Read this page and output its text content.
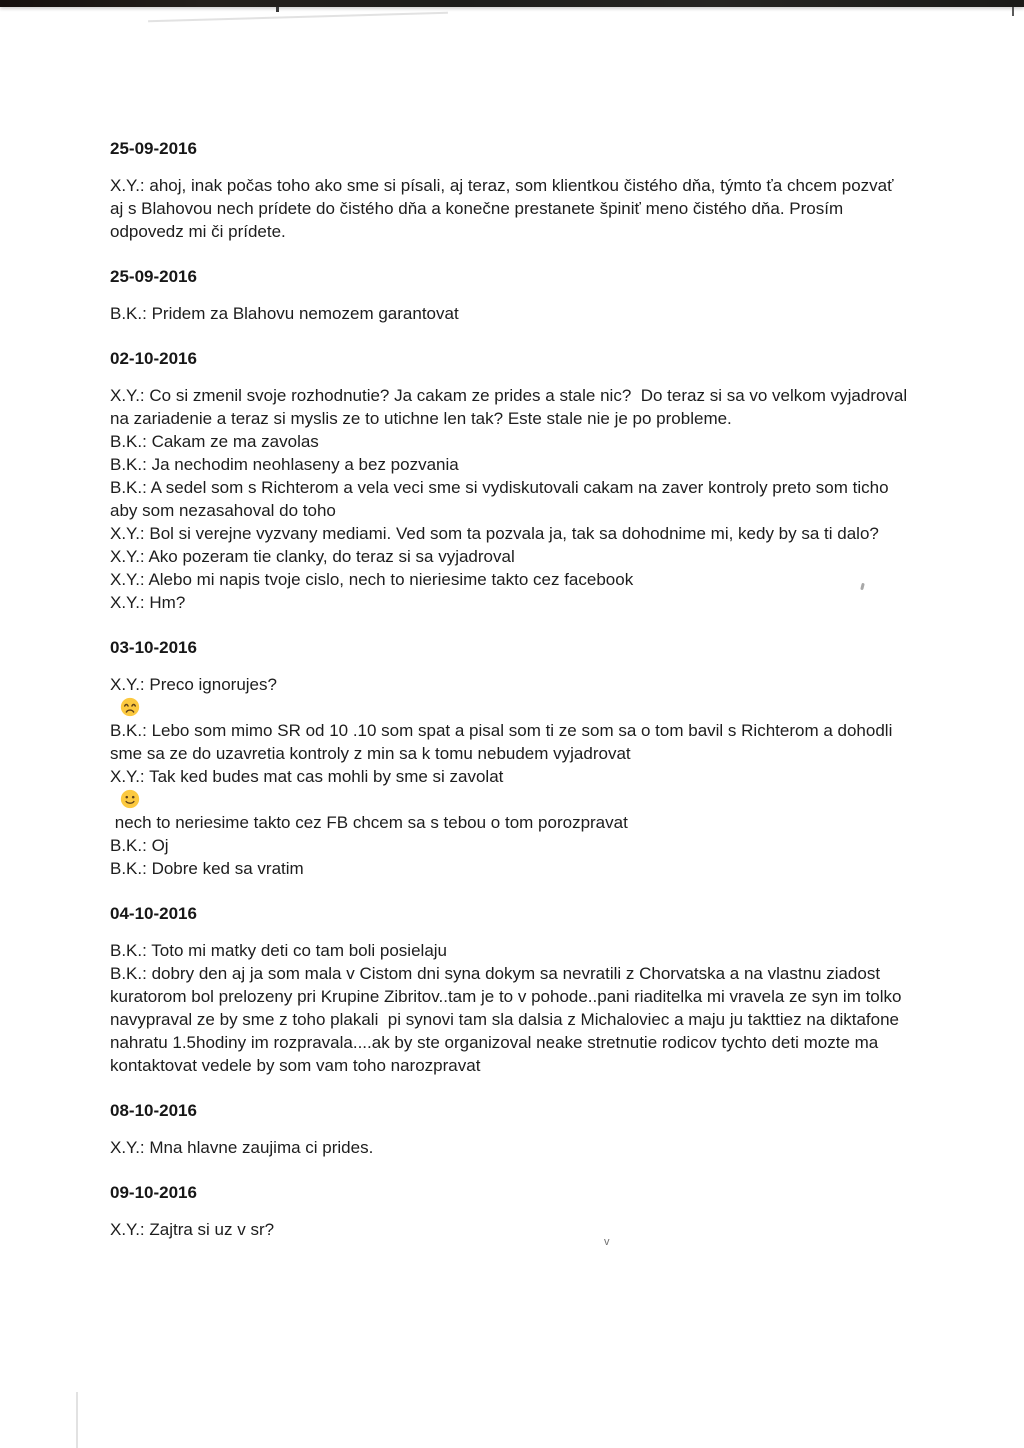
v
25-09-2016

X.Y.: ahoj, inak počas toho ako sme si písali, aj teraz, som klientkou čistého dňa, týmto ťa chcem pozvať aj s Blahovou nech prídete do čistého dňa a konečne prestanete špiniť meno čistého dňa. Prosím odpovedz mi či prídete.

25-09-2016

B.K.: Pridem za Blahovu nemozem garantovat

02-10-2016

X.Y.: Co si zmenil svoje rozhodnutie? Ja cakam ze prides a stale nic?  Do teraz si sa vo velkom vyjadroval na zariadenie a teraz si myslis ze to utichne len tak? Este stale nie je po probleme.

B.K.: Cakam ze ma zavolas

B.K.: Ja nechodim neohlaseny a bez pozvania

B.K.: A sedel som s Richterom a vela veci sme si vydiskutovali cakam na zaver kontroly preto som ticho aby som nezasahoval do toho

X.Y.: Bol si verejne vyzvany mediami. Ved som ta pozvala ja, tak sa dohodnime mi, kedy by sa ti dalo?

X.Y.: Ako pozeram tie clanky, do teraz si sa vyjadroval

X.Y.: Alebo mi napis tvoje cislo, nech to nieriesime takto cez facebook

X.Y.: Hm?

03-10-2016

X.Y.: Preco ignorujes?

B.K.: Lebo som mimo SR od 10 .10 som spat a pisal som ti ze som sa o tom bavil s Richterom a dohodli sme sa ze do uzavretia kontroly z min sa k tomu nebudem vyjadrovat

X.Y.: Tak ked budes mat cas mohli by sme si zavolat

nech to neriesime takto cez FB chcem sa s tebou o tom porozpravat

B.K.: Oj

B.K.: Dobre ked sa vratim

04-10-2016

B.K.: Toto mi matky deti co tam boli posielaju

B.K.: dobry den aj ja som mala v Cistom dni syna dokym sa nevratili z Chorvatska a na vlastnu ziadost kuratorom bol prelozeny pri Krupine Zibritov..tam je to v pohode..pani riaditelka mi vravela ze syn im tolko navypraval ze by sme z toho plakali  pi synovi tam sla dalsia z Michaloviec a maju ju takttiez na diktafone nahratu 1.5hodiny im rozpravala....ak by ste organizoval neake stretnutie rodicov tychto deti mozte ma kontaktovat vedele by som vam toho narozpravat

08-10-2016

X.Y.: Mna hlavne zaujima ci prides.

09-10-2016

X.Y.: Zajtra si uz v sr?
